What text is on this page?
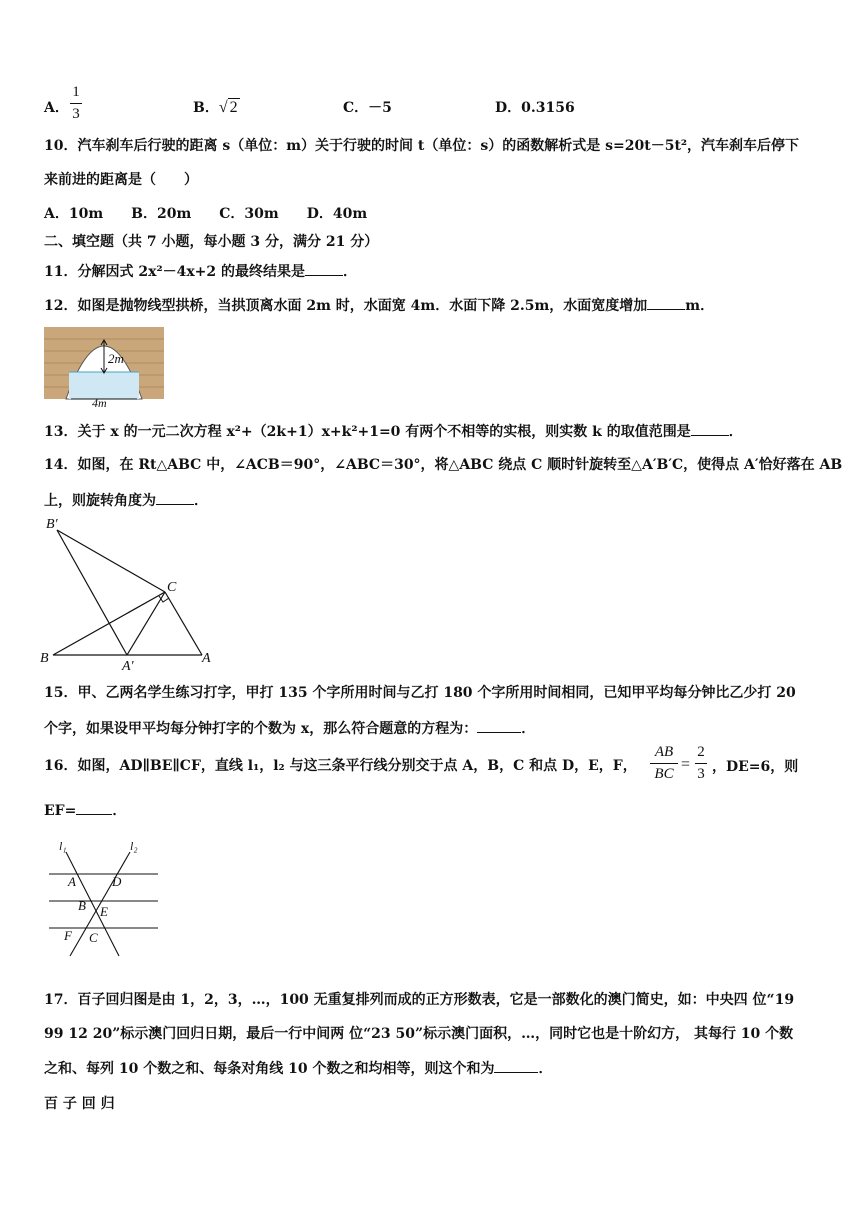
A．
1
3	B．√ 2	C．－5	D．0.3156
10．汽车刹车后行驶的距离 s（单位：m）关于行驶的时间 t（单位：s）的函数解析式是 s=20t－5t²，汽车刹车后停下
来前进的距离是（　　）
A．10m　　B．20m　　C．30m　　D．40m
二、填空题（共 7 小题，每小题 3 分，满分 21 分）
11．分解因式 2x²－4x+2 的最终结果是	．
12．如图是抛物线型拱桥，当拱顶离水面 2m 时，水面宽 4m．水面下降 2.5m，水面宽度增加	m．
2m
4m
13．关于 x 的一元二次方程 x²+（2k+1）x+k²+1=0 有两个不相等的实根，则实数 k 的取值范围是	．
14．如图，在 Rt△ABC 中，∠ACB＝90°，∠ABC＝30°，将△ABC 绕点 C 顺时针旋转至△A′B′C，使得点 A′恰好落在 AB
上，则旋转角度为	．
B′
C
B
A′
A
15．甲、乙两名学生练习打字，甲打 135 个字所用时间与乙打 180 个字所用时间相同，已知甲平均每分钟比乙少打 20
个字，如果设甲平均每分钟打字的个数为 x，那么符合题意的方程为：	．
16．如图，AD∥BE∥CF，直线 l₁，l₂ 与这三条平行线分别交于点 A，B，C 和点 D，E，F，
AB
BC
=
2
3 ，DE=6，则
EF=	．
l₁	l₂
A	D
B E
F C
17．百子回归图是由 1，2，3，…，100 无重复排列而成的正方形数表，它是一部数化的澳门简史，如：中央四 位“19
99 12 20”标示澳门回归日期，最后一行中间两 位“23 50”标示澳门面积，…，同时它也是十阶幻方， 其每行 10 个数
之和、每列 10 个数之和、每条对角线 10 个数之和均相等，则这个和为	．
百 子 回 归
